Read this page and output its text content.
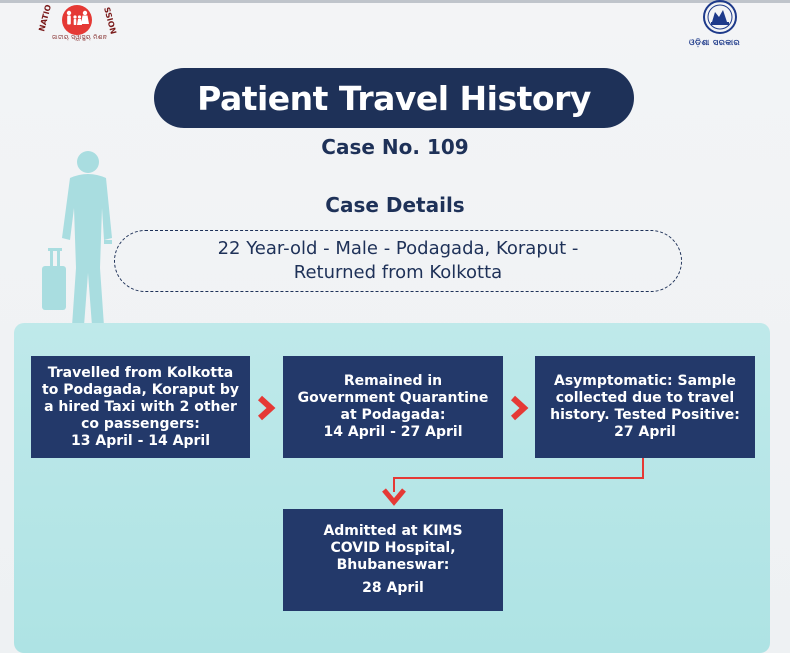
NATIO	SSION
ଜାତୀୟ ସ୍ୱାସ୍ଥ୍ୟ ମିଶନ
ଓଡ଼ିଶା ସରକାର
Patient Travel History
Case No. 109
Case Details
22 Year-old - Male - Podagada, Koraput -
Returned from Kolkotta
Travelled from Kolkotta
to Podagada, Koraput by
a hired Taxi with 2 other
co passengers:
13 April - 14 April
Remained in
Government Quarantine
at Podagada:
14 April - 27 April
Asymptomatic: Sample
collected due to travel
history. Tested Positive:
27 April
Admitted at KIMS
COVID Hospital,
Bhubaneswar:
28 April
